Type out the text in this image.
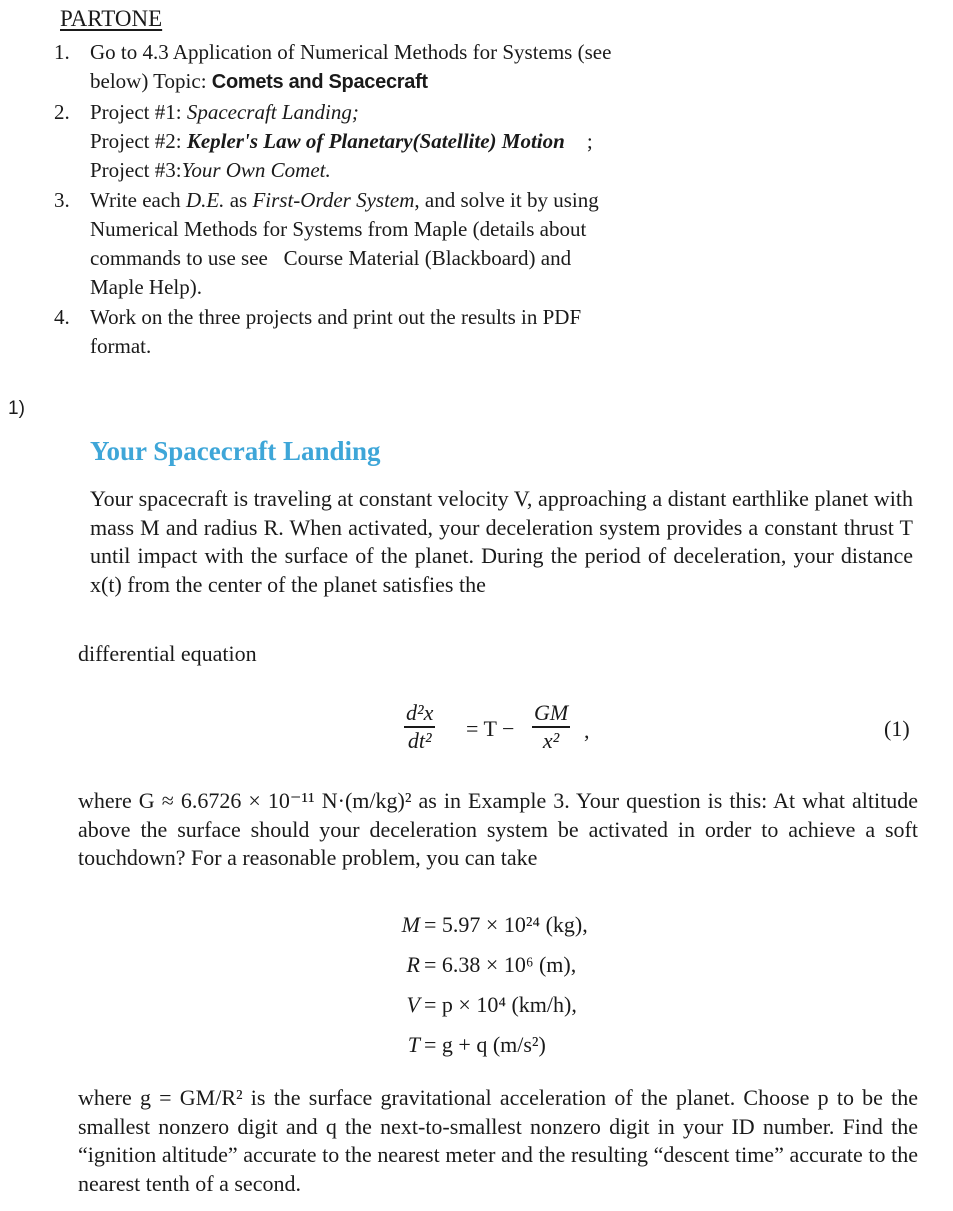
PARTONE
1. Go to 4.3 Application of Numerical Methods for Systems (see
below) Topic: Comets and Spacecraft
2. Project #1: Spacecraft Landing;
Project #2: Kepler's Law of Planetary(Satellite) Motion ;
Project #3:Your Own Comet.
3. Write each D.E. as First-Order System, and solve it by using
Numerical Methods for Systems from Maple (details about
commands to use see   Course Material (Blackboard) and
Maple Help).
4. Work on the three projects and print out the results in PDF
format.
1)
Your Spacecraft Landing
Your spacecraft is traveling at constant velocity V, approaching a distant earthlike planet with mass M and radius R. When activated, your deceleration system provides a constant thrust T until impact with the surface of the planet. During the period of deceleration, your distance x(t) from the center of the planet satisfies the
differential equation
d²x
dt² = T −
GM
x² ,	(1)
where G ≈ 6.6726 × 10⁻¹¹ N·(m/kg)² as in Example 3. Your question is this: At what altitude above the surface should your deceleration system be activated in order to achieve a soft touchdown? For a reasonable problem, you can take
M = 5.97 × 10²⁴ (kg),
R = 6.38 × 10⁶ (m),
V = p × 10⁴ (km/h),
T = g + q (m/s²)
where g = GM/R² is the surface gravitational acceleration of the planet. Choose p to be the smallest nonzero digit and q the next-to-smallest nonzero digit in your ID number. Find the “ignition altitude” accurate to the nearest meter and the resulting “descent time” accurate to the nearest tenth of a second.
